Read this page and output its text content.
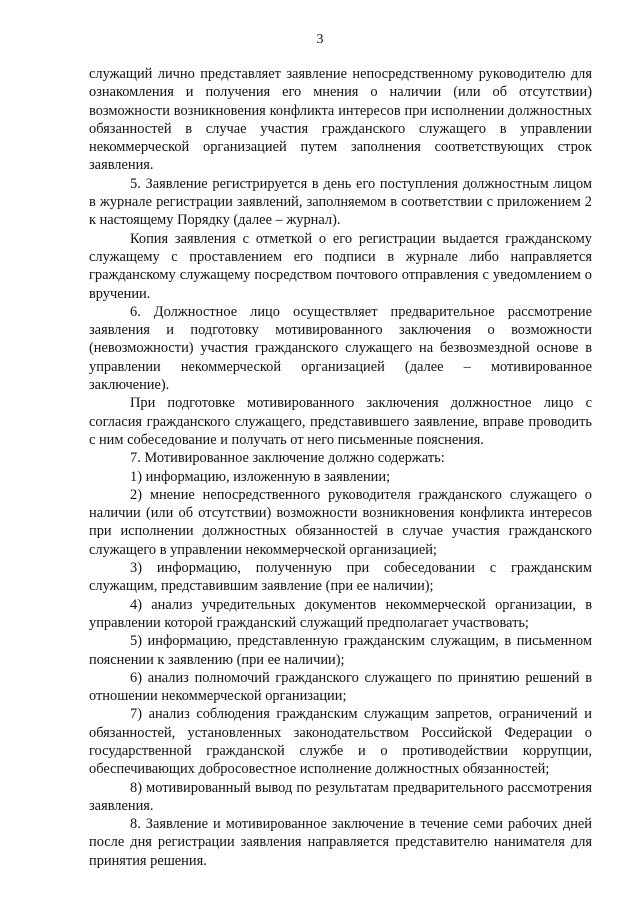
3

служащий лично представляет заявление непосредственному руководителю для ознакомления и получения его мнения о наличии (или об отсутствии) возможности возникновения конфликта интересов при исполнении должностных обязанностей в случае участия гражданского служащего в управлении некоммерческой организацией путем заполнения соответствующих строк заявления.

5. Заявление регистрируется в день его поступления должностным лицом в журнале регистрации заявлений, заполняемом в соответствии с приложением 2 к настоящему Порядку (далее – журнал).

Копия заявления с отметкой о его регистрации выдается гражданскому служащему с проставлением его подписи в журнале либо направляется гражданскому служащему посредством почтового отправления с уведомлением о вручении.

6. Должностное лицо осуществляет предварительное рассмотрение заявления и подготовку мотивированного заключения о возможности (невозможности) участия гражданского служащего на безвозмездной основе в управлении некоммерческой организацией (далее – мотивированное заключение).

При подготовке мотивированного заключения должностное лицо с согласия гражданского служащего, представившего заявление, вправе проводить с ним собеседование и получать от него письменные пояснения.

7. Мотивированное заключение должно содержать:

1) информацию, изложенную в заявлении;

2) мнение непосредственного руководителя гражданского служащего о наличии (или об отсутствии) возможности возникновения конфликта интересов при исполнении должностных обязанностей в случае участия гражданского служащего в управлении некоммерческой организацией;

3) информацию, полученную при собеседовании с гражданским служащим, представившим заявление (при ее наличии);

4) анализ учредительных документов некоммерческой организации, в управлении которой гражданский служащий предполагает участвовать;

5) информацию, представленную гражданским служащим, в письменном пояснении к заявлению (при ее наличии);

6) анализ полномочий гражданского служащего по принятию решений в отношении некоммерческой организации;

7) анализ соблюдения гражданским служащим запретов, ограничений и обязанностей, установленных законодательством Российской Федерации о государственной гражданской службе и о противодействии коррупции, обеспечивающих добросовестное исполнение должностных обязанностей;

8) мотивированный вывод по результатам предварительного рассмотрения заявления.

8. Заявление и мотивированное заключение в течение семи рабочих дней после дня регистрации заявления направляется представителю нанимателя для принятия решения.
